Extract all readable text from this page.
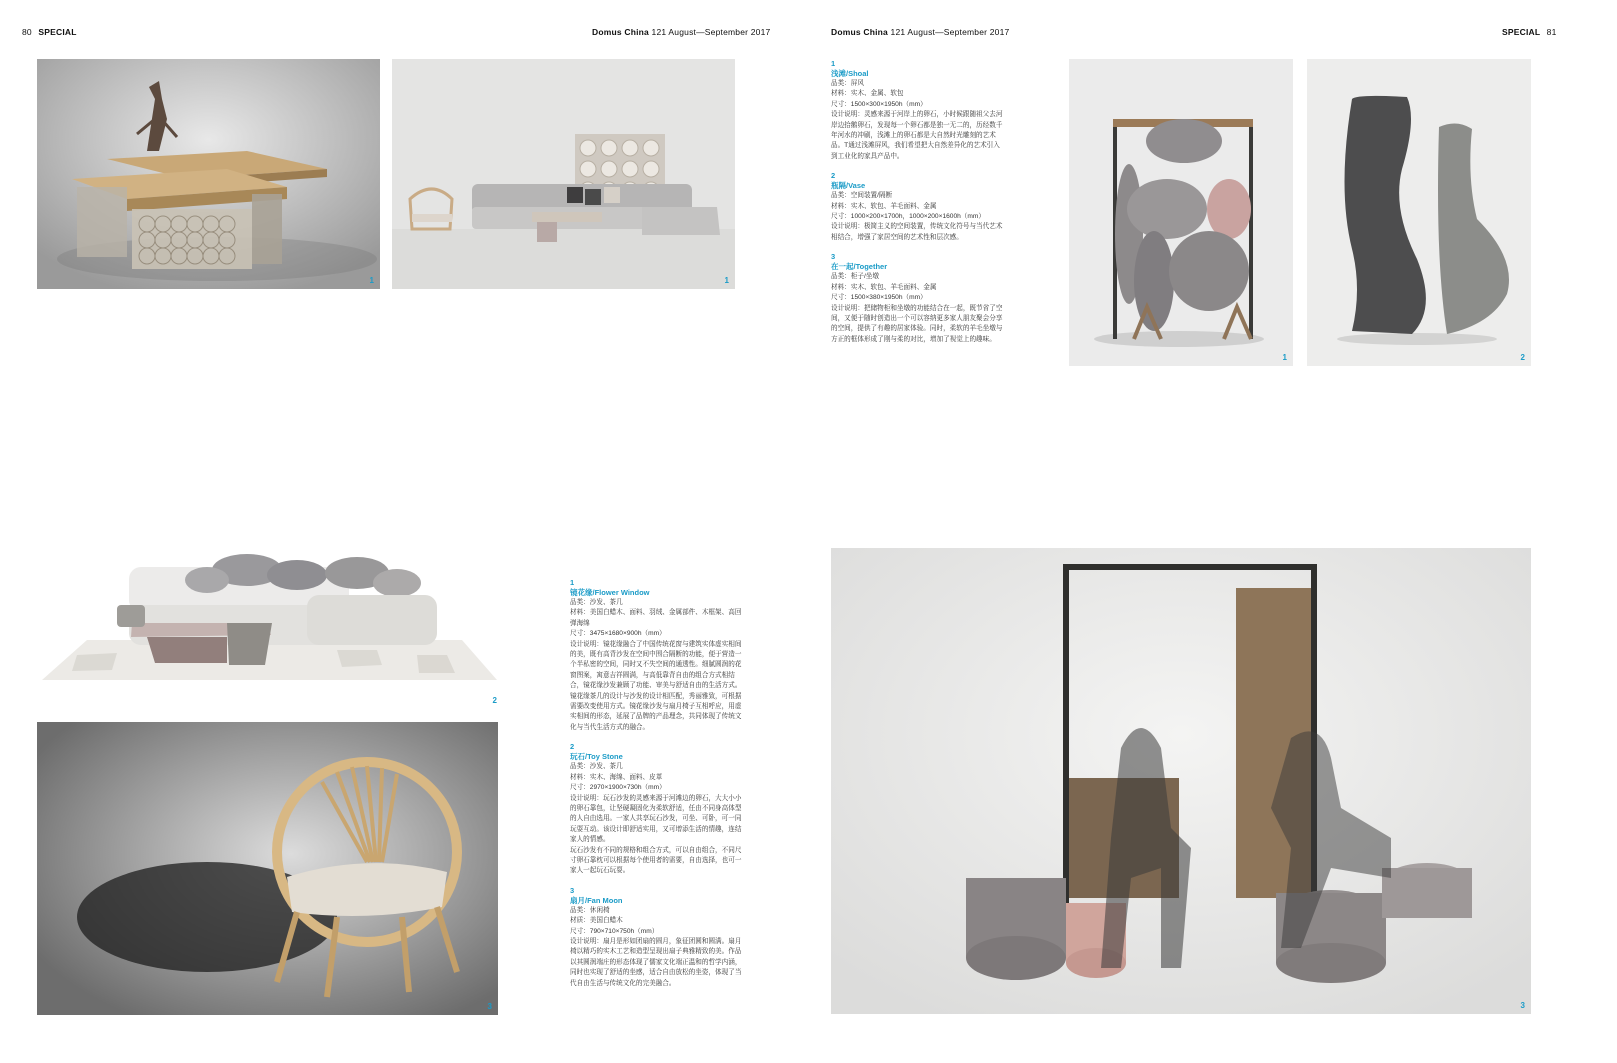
80 SPECIAL	Domus China 121 August—September 2017	Domus China 121 August—September 2017	SPECIAL 81
1	1
2
3
1
镜花缘/Flower Window

品类：沙发、茶几

材料：美国白蜡木、面料、羽绒、金属部件、木框架、高回弹海绵

尺寸：3475×1680×900h（mm）

设计说明：镜花缘融合了中国传统花窗与建筑实体虚实相间的美，既有高背沙发在空间中围合隔断的功能，便于营造一个半私密的空间，同时又不失空间的通透性。细腻圆润的花窗图案，寓意吉祥圆满，与高低靠背自由的组合方式相结合，镜花缘沙发兼顾了功能、审美与舒适自由的生活方式。

镜花缘茶几的设计与沙发的设计相匹配，秀丽雅致，可根据需要改变使用方式。镜花缘沙发与扇月椅子互相呼应，用虚实相间的形态，延展了品牌的产品理念，共同体现了传统文化与当代生活方式的融合。

2
玩石/Toy Stone

品类：沙发、茶几

材料：实木、海绵、面料、皮革

尺寸：2970×1900×730h（mm）

设计说明：玩石沙发的灵感来源于河滩边的卵石，大大小小的卵石靠包，让坚硬凝固化为柔软舒适，任由不同身高体型的人自由选用。一家人共享玩石沙发，可坐、可卧，可一同玩耍互动。该设计即舒适实用，又可增添生活的情趣，连结家人的情感。

玩石沙发有不同的规格和组合方式，可以自由组合，不同尺寸卵石靠枕可以根据每个使用者的需要，自由选择，也可一家人一起玩石玩耍。

3
扇月/Fan Moon

品类：休闲椅

材质：美国白蜡木

尺寸：790×710×750h（mm）

设计说明：扇月是形如团扇的圆月，象征团圆和圆满。扇月椅以精巧的实木工艺和造型呈现出扇子典雅精致的美。作品以其圆润端庄的形态体现了儒家文化端正温和的哲学内涵，同时也实现了舒适的坐感，适合自由放松的坐姿，体现了当代自由生活与传统文化的完美融合。

1
浅滩/Shoal

品类：屏风

材料：实木、金属、软包

尺寸：1500×300×1950h（mm）

设计说明：灵感来源于河岸上的卵石，小时候跟随祖父去河岸边拾鹅卵石，发现每一个卵石都是独一无二的，历经数千年河水的冲刷，浅滩上的卵石都是大自然时光雕刻的艺术品。T通过浅滩屏风，我们希望把大自然差异化的艺术引入到工业化的家具产品中。

2
瓶隔/Vase

品类：空间装置/隔断

材料：实木、软包、羊毛面料、金属

尺寸：1000×200×1700h，1000×200×1600h（mm）

设计说明：极简主义的空间装置，传统文化符号与当代艺术相结合，增强了家居空间的艺术性和层次感。

3
在一起/Together

品类：柜子/坐墩

材料：实木、软包、羊毛面料、金属

尺寸：1500×380×1950h（mm）

设计说明：把储物柜和坐墩的功能结合在一起，既节省了空间，又便于随时创造出一个可以容纳更多家人朋友聚会分享的空间，提供了有趣的居家体验。同时，柔软的羊毛坐墩与方正的框体形成了刚与柔的对比，增加了视觉上的趣味。

1	2
3
